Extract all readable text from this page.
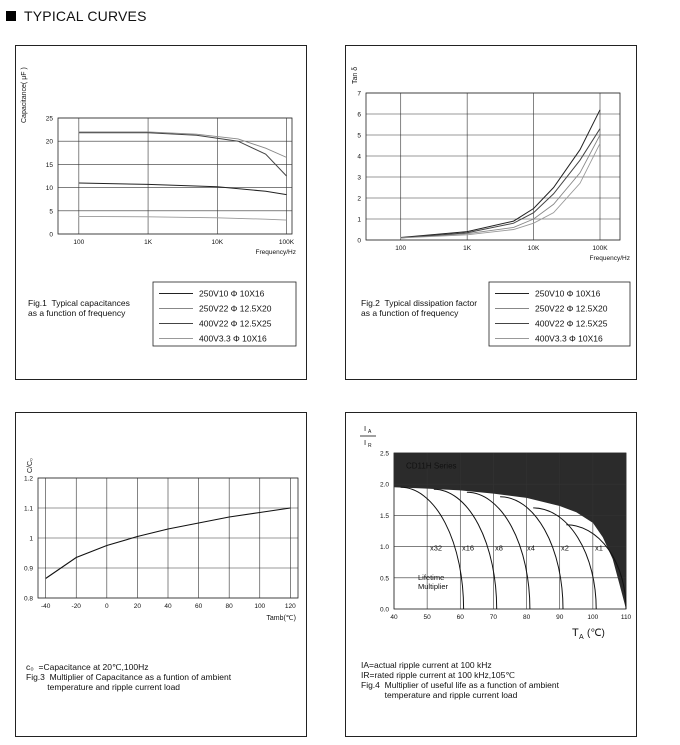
TYPICAL CURVES
100	1K	10K	100K
0
5
10
15
20
25
Frequency/Hz
Capacitance( μF )
250V10 Φ 10X16
250V22 Φ 12.5X20
400V22 Φ 12.5X25
400V3.3 Φ 10X16
Fig.1  Typical capacitances
as a function of frequency
100	1K	10K	100K
0
1
2
3
4
5
6
7
Frequency/Hz
Tan δ
250V10 Φ 10X16
250V22 Φ 12.5X20
400V22 Φ 12.5X25
400V3.3 Φ 10X16
Fig.2  Typical dissipation factor
as a function of frequency
-40	-20	0	20	40	60	80	100	120
0.8
0.9
1
1.1
1.2
Tamb(℃)
C/C₀
c₀  =Capacitance at 20℃,100Hz
Fig.3  Multiplier of Capacitance as a funtion of ambient
temperature and ripple current load
40	50	60	70	80	90	100	110
0.0
0.5
1.0
1.5
2.0
2.5
x32	x16	x8	x4	x2	x1
CD11H Series
Lifetime
Multiplier
T A (℃)
I A
I R
IA=actual ripple current at 100 kHz
IR=rated ripple current at 100 kHz,105℃
Fig.4  Multiplier of useful life as a function of ambient
temperature and ripple current load
